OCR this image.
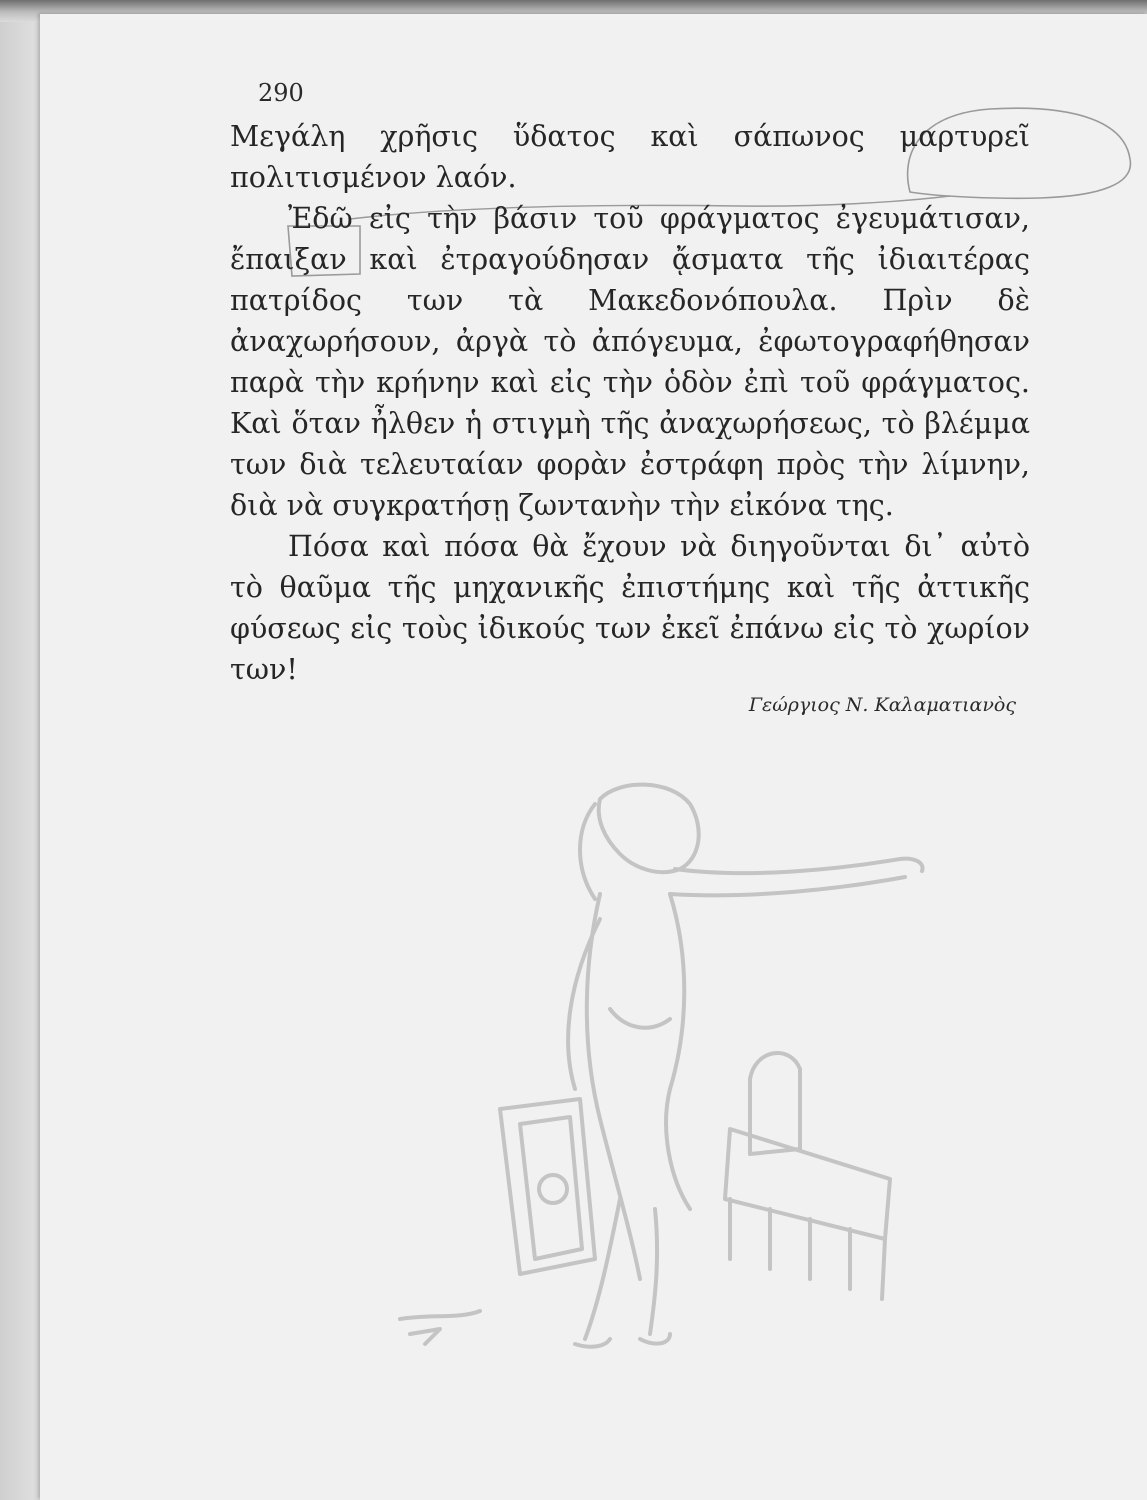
290

Μεγάλη χρῆσις ὕδατος καὶ σάπωνος μαρτυρεῖ πολιτισμένον λαόν.

Ἐδῶ εἰς τὴν βάσιν τοῦ φράγματος ἐγευμάτισαν, ἔπαιξαν καὶ ἐτραγούδησαν ᾄσματα τῆς ἰδιαιτέρας πατρίδος των τὰ Μακεδονόπουλα. Πρὶν δὲ ἀναχωρήσουν, ἀργὰ τὸ ἀπόγευμα, ἐφωτογραφήθησαν παρὰ τὴν κρήνην καὶ εἰς τὴν ὁδὸν ἐπὶ τοῦ φράγματος. Καὶ ὅταν ἦλθεν ἡ στιγμὴ τῆς ἀναχωρήσεως, τὸ βλέμμα των διὰ τελευταίαν φορὰν ἐστράφη πρὸς τὴν λίμνην, διὰ νὰ συγκρατήσῃ ζωντανὴν τὴν εἰκόνα της.

Πόσα καὶ πόσα θὰ ἔχουν νὰ διηγοῦνται δι᾽ αὐτὸ τὸ θαῦμα τῆς μηχανικῆς ἐπιστήμης καὶ τῆς ἀττικῆς φύσεως εἰς τοὺς ἰδικούς των ἐκεῖ ἐπάνω εἰς τὸ χωρίον των!

Γεώργιος Ν. Καλαματιανὸς
